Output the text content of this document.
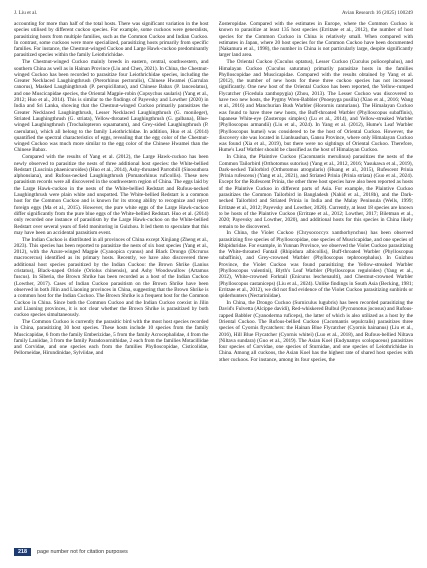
J. Liu et al.	Avian Research 16 (2025) 100249

accounting for more than half of the total hosts. There was significant variation in the host species utilised by different cuckoo species. For example, some cuckoos were generalists, parasitizing hosts from multiple families, such as the Common Cuckoo and Indian Cuckoo. In contrast, some cuckoos were more specialized, parasitizing hosts primarily from specific families. For instance, the Chestnut-winged Cuckoo and Large Hawk-cuckoo predominantly parasitized species within the family Leiothrichidae.

The Chestnut-winged Cuckoo mainly breeds in eastern, central, southwestern, and southern China as well as in Hainan Province (Liu and Chen, 2021). In China, the Chestnut-winged Cuckoo has been recorded to parasitize four Leiothrichidae species, including the Greater Necklaced Laughingthrush (Pterorhinus pectoralis), Chinese Hwamei (Garrulax canorus), Masked Laughingthrush (P. perspicillatus), and Chinese Babax (P. lanceolatus), and one Muscicapidae species, the Oriental Magpie-robin (Copsychus saularis) (Yang et al., 2012; Huo et al., 2014). This is similar to the findings of Payevsky and Lowther (2020) in India and Sri Lanka, showing that the Chestnut-winged Cuckoo primarily parasitizes the Greater Necklaced Laughingthrush, Lesser Necklaced Laughingthrush (G. monileger), Striated Laughingthrush (G. striata), Yellow-throated Laughingthrush (G. galbana), Blue-winged Laughingthrush (Trochalopteron squamatum), and Grey-sided Laughingthrush (P. caerulatus), which all belong to the family Leiothrichidae. In addition, Huo et al. (2014) quantified the spectral characteristics of eggs, revealing that the egg color of the Chestnut-winged Cuckoo was much more similar to the egg color of the Chinese Hwamei than the Chinese Babax.

Compared with the results of Yang et al. (2012), the Large Hawk-cuckoo has been newly observed to parasitize the nests of three additional host species: the White-bellied Redstart (Luscinia phaenicuroides) (Huo et al., 2014), Ashy-throated Parrotbill (Sinosuthora alphonsiana), and Rufous-necked Laughingthrush (Pomatorhinus ruficollis). These new parasitism records were all discovered in the southwestern region of China. The eggs laid by the Large Hawk-cuckoo in the nests of the White-bellied Redstart and Rufous-necked Laughingthrush were plain white and unspotted. The White-bellied Redstart is a common host for the Common Cuckoo and is known for its strong ability to recognize and reject foreign eggs (Ma et al., 2015). However, the pure white eggs of the Large Hawk-cuckoo differ significantly from the pure blue eggs of the White-bellied Redstart. Huo et al. (2014) only recorded one instance of parasitism by the Large Hawk-cuckoo on the White-bellied Redstart over several years of field monitoring in Guizhou. It led them to speculate that this may have been an accidental parasitism event.

The Indian Cuckoo is distributed in all provinces of China except Xinjiang (Zheng et al., 2023). This species has been reported to parasitize the nests of six host species (Yang et al., 2012), with the Azure-winged Magpie (Cyanopica cyanus) and Black Drongo (Dicrurus macrocercus) identified as its primary hosts. Recently, we have also discovered three additional host species parasitized by the Indian Cuckoo: the Brown Shrike (Lanius cristatus), Black-naped Oriole (Oriolus chinensis), and Ashy Woodswallow (Artamus fuscus). In Siberia, the Brown Shrike has been recorded as a host of the Indian Cuckoo (Lowther, 2017). Cases of Indian Cuckoo parasitism on the Brown Shrike have been observed in both Jilin and Liaoning provinces in China, suggesting that the Brown Shrike is a common host for the Indian Cuckoo. The Brown Shrike is a frequent host for the Common Cuckoo in China. Since both the Common Cuckoo and the Indian Cuckoo coexist in Jilin and Liaoning provinces, it is not clear whether the Brown Shrike is parasitized by both cuckoo species simultaneously.

The Common Cuckoo is currently the parasitic bird with the most host species recorded in China, parasitizing 30 host species. These hosts include 10 species from the family Muscicapidae, 6 from the family Emberizidae, 5 from the family Acrocephalidae, 4 from the family Laniidae, 3 from the family Paradoxornithidae, 2 each from the families Motacillidae and Corvidae, and one species each from the families Phylloscopidae, Cisticolidae, Pellorneidae, Hirundinidae, Sylviidae, and

Zosteropidae. Compared with the estimates in Europe, where the Common Cuckoo is known to parasitize at least 135 host species (Erritzøe et al., 2012), the number of host species for the Common Cuckoo in China is relatively small. When compared with estimates in Japan, where 20 host species for the Common Cuckoo have been documented (Nakamura et al., 1998), the number in China is not particularly large, despite significantly larger land area.

The Oriental Cuckoo (Cuculus optatus), Lesser Cuckoo (Cuculus poliocephalus), and Himalayan Cuckoo (Cuculus saturatus) primarily parasitize hosts in the families Phylloscopidae and Muscicapidae. Compared with the results obtained by Yang et al. (2012), the number of new hosts for these three cuckoo species has not increased significantly. One new host of the Oriental Cuckoo has been reported, the Yellow-rumped Flycatcher (Ficedula zanthopygia) (Zhou, 2013). The Lesser Cuckoo was discovered to have two new hosts, the Pygmy Wren-Babbler (Pnoepyga pusilla) (Xiao et al., 2016; Wang et al., 2016) and Manchurian Bush Warbler (Horornis canturians). The Himalayan Cuckoo was found to have three new hosts, the Buff-throated Warbler (Phylloscopus subaffinis), Japanese White-eye (Zosterops simplex) (Lu et al., 2014), and Yellow-streaked Warbler (Phylloscopus armandii) (Liu et al., 2024). In Yang et al. (2012), Hume's Leaf Warbler (Phylloscopus humei) was considered to be the host of Oriental Cuckoo. However, the discovery site was located in Lianhuashan, Gansu Province, where only Himalayan Cuckoo was found (Xia et al., 2019), but there were no sightings of Oriental Cuckoo. Therefore, Hume's Leaf Warbler should be classified as the host of Himalayan Cuckoo.

In China, the Plaintive Cuckoo (Cacomantis merulinus) parasitizes the nests of the Common Tailorbird (Orthotomus sutorius) (Yang et al., 2012, 2016; Yasukawa et al., 2019), Dark-necked Tailorbird (Orthotomus atrogularis) (Huang et al., 2015), Rufescent Prinia (Prinia rufescens) (Yang et al., 2021), and Striated Prinia (Prinia striata) (Guo et al., 2024). Except for the Rufescent Prinia, the other three host species have also been reported as hosts of the Plaintive Cuckoo in different parts of Asia. For example, the Plaintive Cuckoo parasitizes the Common Tailorbird in Bangladesh (Nahid et al., 2018b), and the Dark-necked Tailorbird and Striated Prinia in India and the Malay Peninsula (Wells, 1999; Erritzøe et al., 2012; Payevsky and Lowther, 2020). Currently, at least 18 species are known to be hosts of the Plaintive Cuckoo (Erritzøe et al., 2012; Lowther, 2017; Biletman et al., 2020; Payevsky and Lowther, 2020), and additional hosts for this species in China likely remain to be discovered.

In China, the Violet Cuckoo (Chrysococcyx xanthorhynchus) has been observed parasitizing five species of Phylloscopidae, one species of Muscicapidae, and one species of Rhipiduridae. For example, in Yunnan Province, we observed the Violet Cuckoo parasitizing the White-throated Fantail (Rhipidura albicollis), Buff-throated Warbler (Phylloscopus subaffinis), and Grey-crowned Warbler (Phylloscopus tephrocephalus). In Guizhou Province, the Violet Cuckoo was found parasitizing the Yellow-streaked Warbler (Phylloscopus valentini), Blyth's Leaf Warbler (Phylloscopus reguloides) (Yang et al., 2012), White-crowned Forktail (Enicurus leschenaulti), and Chestnut-crowned Warbler (Phylloscopus castaniceps) (Liu et al., 2024). Unlike findings in South Asia (Becking, 1981; Erritzøe et al., 2012), we did not find evidence of the Violet Cuckoo parasitizing sunbirds or spiderhunters (Nectariniidae).

In China, the Drongo Cuckoo (Surniculus lugubris) has been recorded parasitizing the David's Fulvetta (Alcippe davidi), Red-whiskered Bulbul (Pycnonotus jocosus) and Rufous-capped Babbler (Cyanoderma ruficeps), the latter of which is also utilized as a host by the Oriental Cuckoo. The Rufous-bellied Cuckoo (Cacomantis sepulcralis) parasitizes three species of Cyornis flycatchers: the Hainan Blue Flycatcher (Cyornis hainanus) (Liu et al., 2016), Hill Blue Flycatcher (Cyornis whitei) (Luo et al., 2018), and Rufous-bellied Niltava (Niltava sundara) (Guo et al., 2019). The Asian Koel (Eudynamys scolopaceus) parasitizes four species of Corvidae, one species of Sturnidae, and one species of Leiothrichidae in China. Among all cuckoos, the Asian Koel has the highest rate of shared host species with other cuckoos. For instance, among its four species, the

218	page number not for citation purposes
